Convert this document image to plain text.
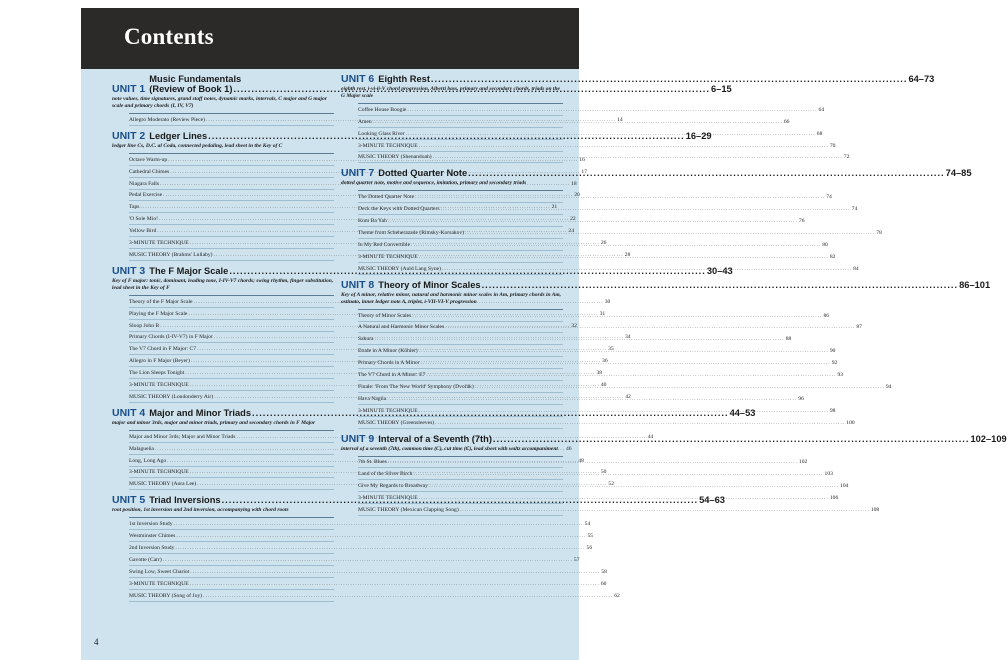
Contents
UNIT 1
Music Fundamentals
(Review of Book 1) .....	6–15
note values, time signatures, grand staff notes, dynamic marks, intervals, C major and G major scale and primary chords (I, IV, V7)
Allegro Moderato (Review Piece) .....	14
UNIT 2 Ledger Lines .....	16–29
ledger line Cs, D.C. al Coda, connected pedaling, lead sheet in the Key of C
Octave Warm-up .....	16
Cathedral Chimes .....	17
Niagara Falls .....	18
Pedal Exercise .....	20
Taps .....	21
'O Sole Mio! .....	22
Yellow Bird .....	24
3-MINUTE TECHNIQUE .....	26
MUSIC THEORY (Brahms' Lullaby) .....	28
UNIT 3 The F Major Scale .....	30–43
Key of F major: tonic, dominant, leading tone, I-IV-V7 chords; swing rhythm, finger substitution, lead sheet in the Key of F
Theory of the F Major Scale .....	30
Playing the F Major Scale .....	31
Sloop John B .....	32
Primary Chords (I-IV-V7) in F Major .....	34
The V7 Chord in F Major: C7 .....	35
Allegro in F Major (Beyer) .....	36
The Lion Sleeps Tonight .....	38
3-MINUTE TECHNIQUE .....	40
MUSIC THEORY (Londonderry Air) .....	42
UNIT 4 Major and Minor Triads .....	44–53
major and minor 3rds, major and minor triads, primary and secondary chords in F Major
Major and Minor 3rds; Major and Minor Triads .....	44
Malagueña .....	46
Long, Long Ago .....	48
3-MINUTE TECHNIQUE .....	50
MUSIC THEORY (Aura Lee) .....	52
UNIT 5 Triad Inversions .....	54–63
root position, 1st inversion and 2nd inversion, accompanying with chord roots
1st Inversion Study .....	54
Westminster Chimes .....	55
2nd Inversion Study .....	56
Gavotte (Carr) .....	57
Swing Low, Sweet Chariot .....	58
3-MINUTE TECHNIQUE .....	60
MUSIC THEORY (Song of Joy) .....	62
UNIT 6 Eighth Rest .....	64–73
eighth rest, i-vi-ii-V chord progression, Alberti bass, primary and secondary chords, triads on the G Major scale
Coffee House Boogie .....	64
Amen .....	66
Looking Glass River .....	68
3-MINUTE TECHNIQUE .....	70
MUSIC THEORY (Shenandoah) .....	72
UNIT 7 Dotted Quarter Note .....	74–85
dotted quarter note, motive and sequence, imitation, primary and secondary triads
The Dotted Quarter Note .....	74
Deck the Keys with Dotted Quarters .....	74
Kum Ba Yah .....	76
Theme from Scheherazade (Rimsky-Korsakov) .....	78
In My Red Convertible .....	80
3-MINUTE TECHNIQUE .....	82
MUSIC THEORY (Auld Lang Syne) .....	84
UNIT 8 Theory of Minor Scales .....	86–101
Key of A minor, relative minor, natural and harmonic minor scales in Am, primary chords in Am, ostinato, inner ledger note A, triplet, i-VII-VI-V progression
Theory of Minor Scales .....	86
A Natural and Harmonic Minor Scales .....	87
Sakura .....	88
Etude in A Minor (Köhler) .....	90
Primary Chords in A Minor .....	92
The V7 Chord in A Minor: E7 .....	93
Finale: 'From The New World' Symphony (Dvořák) .....	94
Hava Nagila .....	96
3-MINUTE TECHNIQUE .....	98
MUSIC THEORY (Greensleeves) .....	100
UNIT 9 Interval of a Seventh (7th) .....	102–109
interval of a seventh (7th), common time (C), cut time (₵), lead sheet with waltz accompaniment
7th St. Blues .....	102
Land of the Silver Birch .....	103
Give My Regards to Broadway .....	104
3-MINUTE TECHNIQUE .....	106
MUSIC THEORY (Mexican Clapping Song) .....	108
4
